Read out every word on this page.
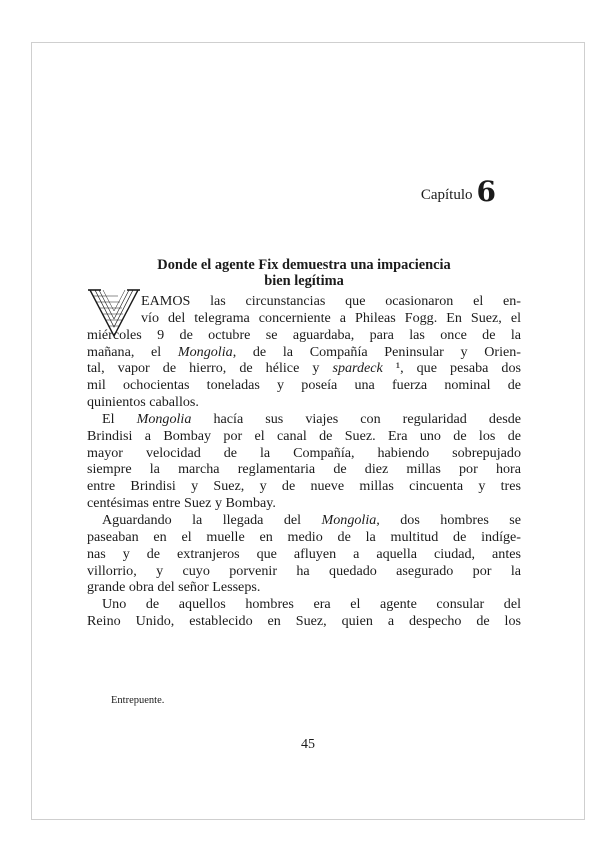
Capítulo 6
Donde el agente Fix demuestra una impaciencia
bien legítima
V
EAMOS las circunstancias que ocasionaron el en-
vío del telegrama concerniente a Phileas Fogg. En Suez, el
miércoles 9 de octubre se aguardaba, para las once de la
mañana, el Mongolia, de la Compañía Peninsular y Orien-
tal, vapor de hierro, de hélice y spardeck ¹, que pesaba dos
mil ochocientas toneladas y poseía una fuerza nominal de
quinientos caballos.
El Mongolia hacía sus viajes con regularidad desde
Brindisi a Bombay por el canal de Suez. Era uno de los de
mayor velocidad de la Compañía, habiendo sobrepujado
siempre la marcha reglamentaria de diez millas por hora
entre Brindisi y Suez, y de nueve millas cincuenta y tres
centésimas entre Suez y Bombay.
Aguardando la llegada del Mongolia, dos hombres se
paseaban en el muelle en medio de la multitud de indíge-
nas y de extranjeros que afluyen a aquella ciudad, antes
villorrio, y cuyo porvenir ha quedado asegurado por la
grande obra del señor Lesseps.
Uno de aquellos hombres era el agente consular del
Reino Unido, establecido en Suez, quien a despecho de los
Entrepuente.
45
